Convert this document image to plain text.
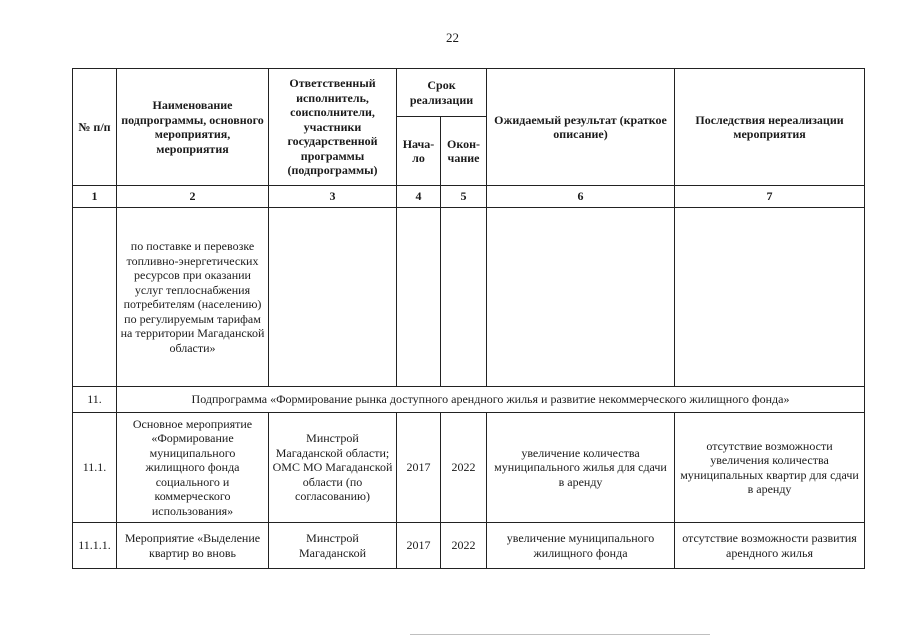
22
№ п/п	Наименование подпрограммы, основного мероприятия, мероприятия	Ответственный исполнитель, соисполнители, участники государственной программы (подпрограммы)	Срок реализации		Ожидаемый результат (краткое описание)	Последствия нереализации мероприятия
			Нача-ло	Окон-чание		
1	2	3	4	5	6	7
	по поставке и перевозке топливно-энергетических ресурсов при оказании услуг теплоснабжения потребителям (населению) по регулируемым тарифам на территории Магаданской области»					
11.	Подпрограмма «Формирование рынка доступного арендного жилья и развитие некоммерческого жилищного фонда»					
11.1.	Основное мероприятие «Формирование муниципального жилищного фонда социального и коммерческого использования»	Минстрой Магаданской области; ОМС МО Магаданской области (по согласованию)	2017	2022	увеличение количества муниципального жилья для сдачи в аренду	отсутствие возможности увеличения количества муниципальных квартир для сдачи в аренду
11.1.1.	Мероприятие «Выделение квартир во вновь	Минстрой Магаданской	2017	2022	увеличение муниципального жилищного фонда	отсутствие возможности развития арендного жилья
